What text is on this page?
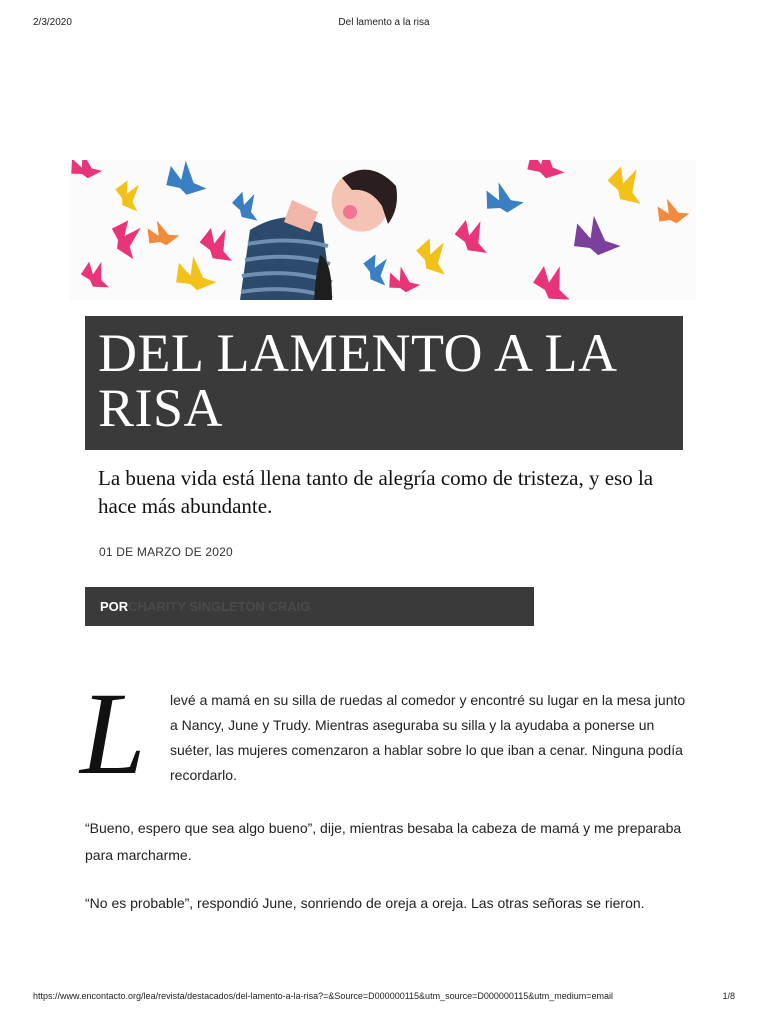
2/3/2020	Del lamento a la risa
DEL LAMENTO A LA RISA
La buena vida está llena tanto de alegría como de tristeza, y eso la hace más abundante.
01 DE MARZO DE 2020
POR CHARITY SINGLETON CRAIG
L levé a mamá en su silla de ruedas al comedor y encontré su lugar en la mesa junto a Nancy, June y Trudy. Mientras aseguraba su silla y la ayudaba a ponerse un suéter, las mujeres comenzaron a hablar sobre lo que iban a cenar. Ninguna podía recordarlo.
“Bueno, espero que sea algo bueno”, dije, mientras besaba la cabeza de mamá y me preparaba para marcharme.
“No es probable”, respondió June, sonriendo de oreja a oreja. Las otras señoras se rieron.
https://www.encontacto.org/lea/revista/destacados/del-lamento-a-la-risa?=&Source=D000000115&utm_source=D000000115&utm_medium=email	1/8
